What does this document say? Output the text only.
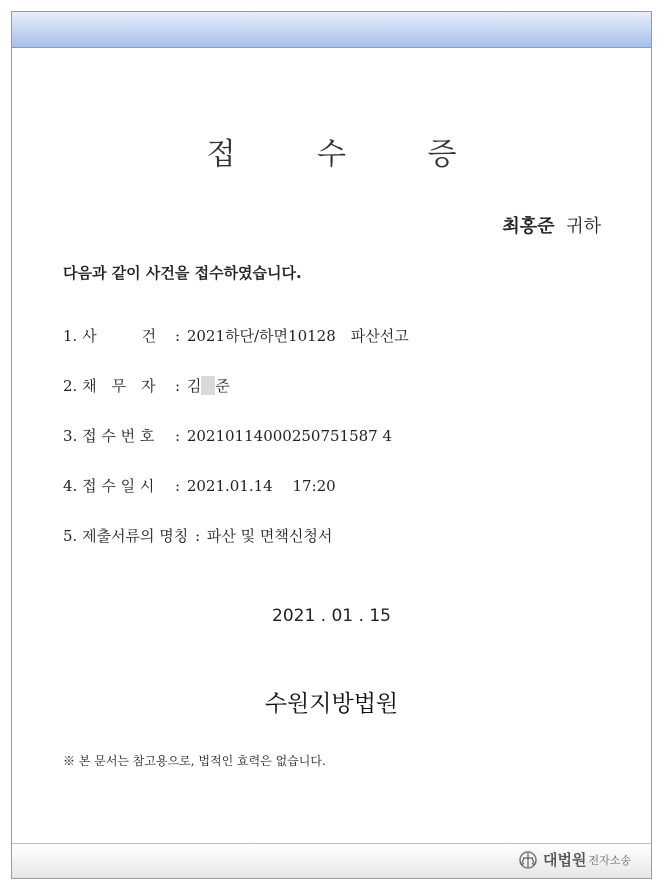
접 수 증
최홍준 귀하
다음과 같이 사건을 접수하였습니다.
1. 사　　　건 : 2021하단/하면10128　파산선고
2. 채　무　자 : 김 준
3. 접 수 번 호 : 20210114000250751587 4
4. 접 수 일 시 : 2021.01.14　 17:20
5. 제출서류의 명칭 : 파산 및 면책신청서
2021 . 01 . 15
수원지방법원
※ 본 문서는 참고용으로, 법적인 효력은 없습니다.
대법원 전자소송
